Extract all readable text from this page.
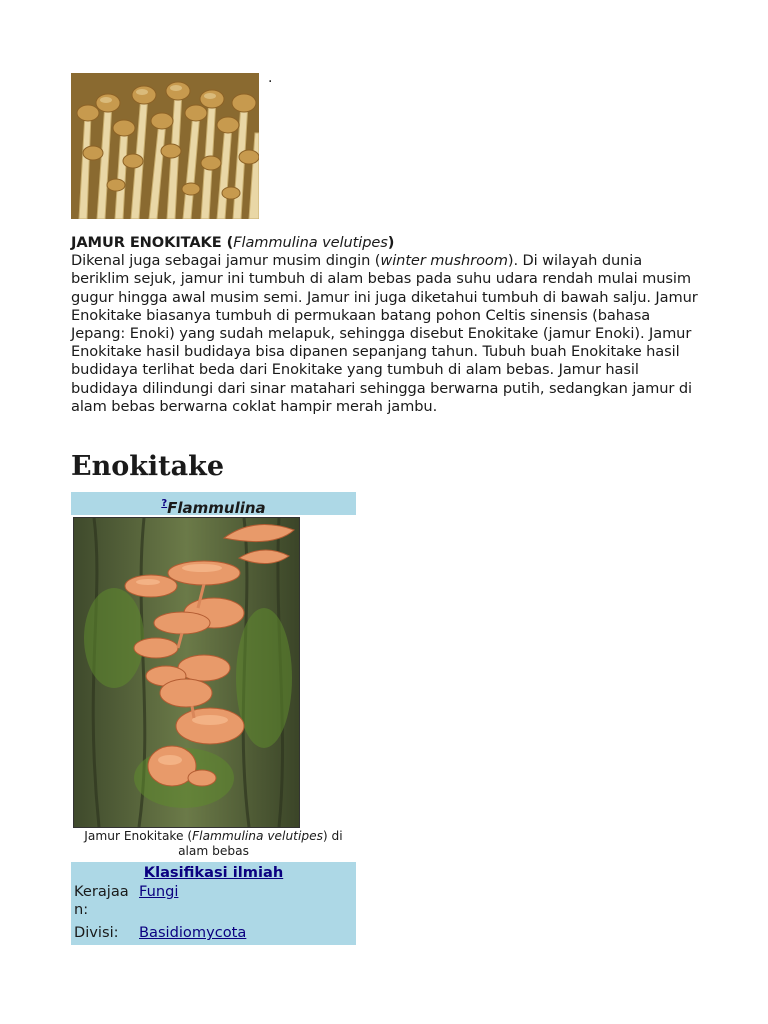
.

JAMUR ENOKITAKE (Flammulina velutipes)
Dikenal juga sebagai jamur musim dingin (winter mushroom). Di wilayah dunia beriklim sejuk, jamur ini tumbuh di alam bebas pada suhu udara rendah mulai musim gugur hingga awal musim semi. Jamur ini juga diketahui tumbuh di bawah salju. Jamur Enokitake biasanya tumbuh di permukaan batang pohon Celtis sinensis (bahasa Jepang: Enoki) yang sudah melapuk, sehingga disebut Enokitake (jamur Enoki). Jamur Enokitake hasil budidaya bisa dipanen sepanjang tahun. Tubuh buah Enokitake hasil budidaya terlihat beda dari Enokitake yang tumbuh di alam bebas. Jamur hasil budidaya dilindungi dari sinar matahari sehingga berwarna putih, sedangkan jamur di alam bebas berwarna coklat hampir merah jambu.

Enokitake
?Flammulina
Jamur Enokitake (Flammulina velutipes) di alam bebas
Klasifikasi ilmiah
Kerajaan:
Fungi
Divisi:	Basidiomycota
